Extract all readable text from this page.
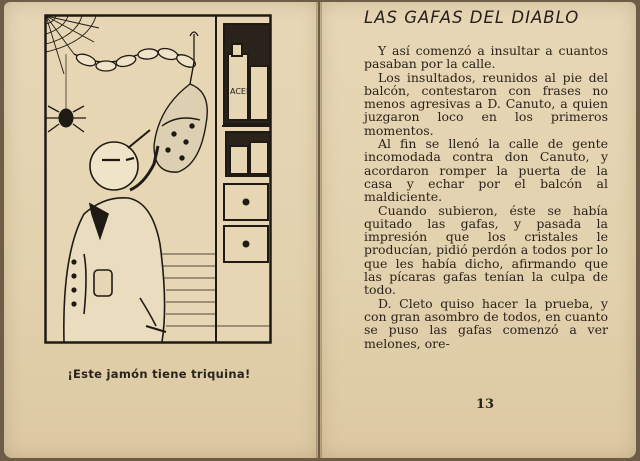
ACEI
¡Este jamón tiene triquina!
LAS GAFAS DEL DIABLO

Y así comenzó a insultar a cuantos pasaban por la calle.

Los insultados, reunidos al pie del balcón, contestaron con frases no menos agresivas a D. Canuto, a quien juzgaron loco en los primeros momentos.

Al fin se llenó la calle de gente incomodada contra don Canuto, y acordaron romper la puerta de la casa y echar por el balcón al maldiciente.

Cuando subieron, éste se había quitado las gafas, y pasada la impresión que los cristales le producían, pidió perdón a todos por lo que les había dicho, afirmando que las pícaras gafas tenían la culpa de todo.

D. Cleto quiso hacer la prueba, y con gran asombro de todos, en cuanto se puso las gafas comenzó a ver melones, ore-

13
